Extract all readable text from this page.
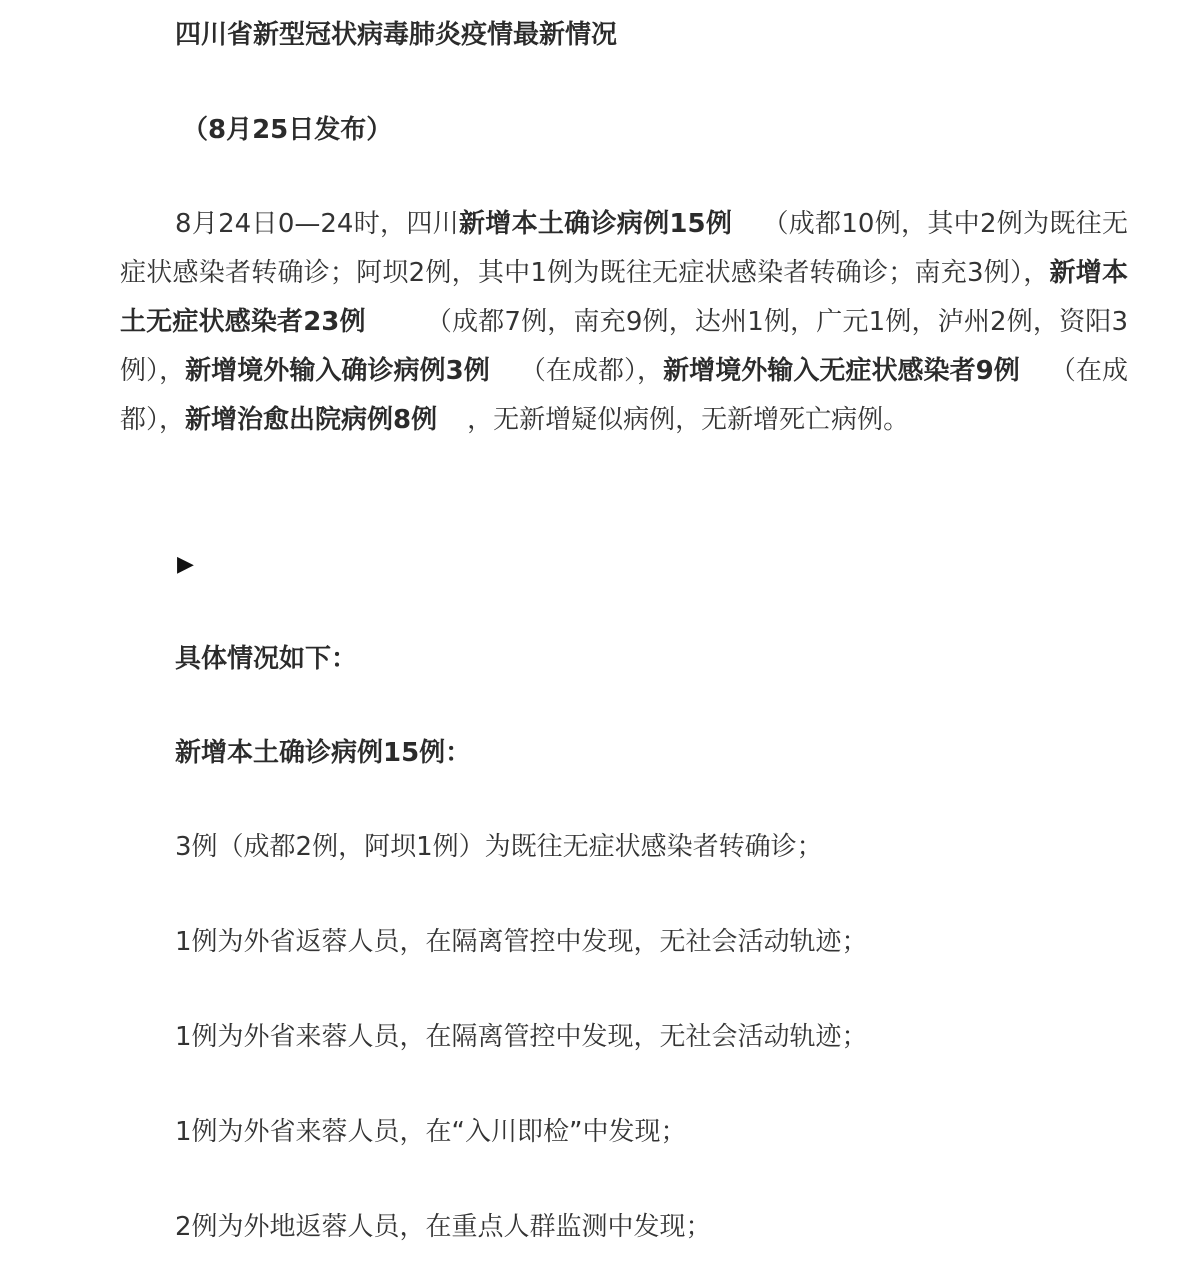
四川省新型冠状病毒肺炎疫情最新情况
（8月25日发布）
8月24日0—24时，四川新增本土确诊病例15例 （成都10例，其中2例为既往无症状感染者转确诊；阿坝2例，其中1例为既往无症状感染者转确诊；南充3例），新增本土无症状感染者23例 （成都7例，南充9例，达州1例，广元1例，泸州2例，资阳3例），新增境外输入确诊病例3例 （在成都），新增境外输入无症状感染者9例 （在成都），新增治愈出院病例8例 ，无新增疑似病例，无新增死亡病例。
▶
具体情况如下：
新增本土确诊病例15例：
3例（成都2例，阿坝1例）为既往无症状感染者转确诊；
1例为外省返蓉人员，在隔离管控中发现，无社会活动轨迹；
1例为外省来蓉人员，在隔离管控中发现，无社会活动轨迹；
1例为外省来蓉人员，在“入川即检”中发现；
2例为外地返蓉人员，在重点人群监测中发现；
